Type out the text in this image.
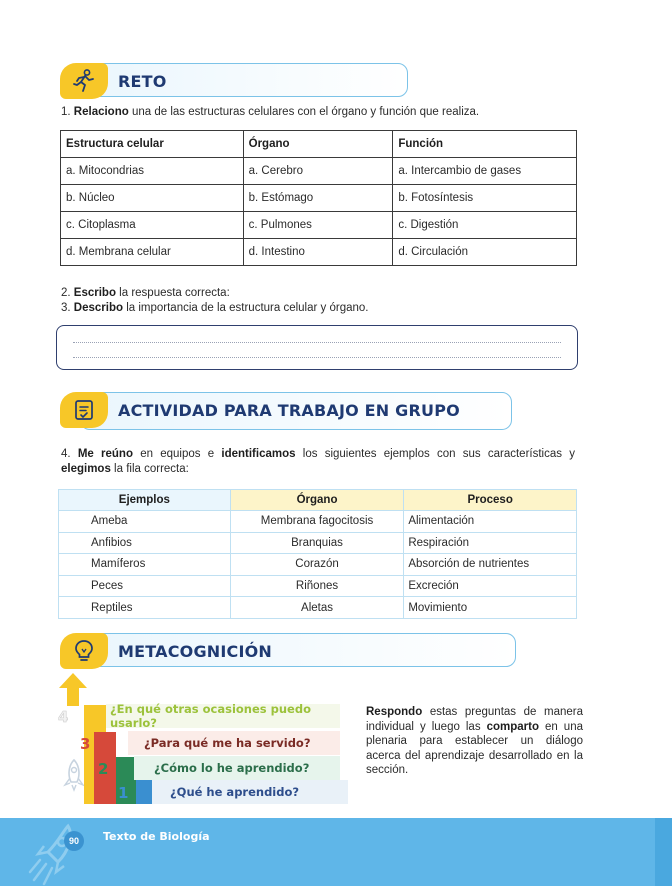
RETO
1. Relaciono una de las estructuras celulares con el órgano y función que realiza.
Estructura celular	Órgano	Función
a. Mitocondrias	a. Cerebro	a. Intercambio de gases
b. Núcleo	b. Estómago	b. Fotosíntesis
c. Citoplasma	c. Pulmones	c. Digestión
d. Membrana celular	d. Intestino	d. Circulación
2. Escribo la respuesta correcta:
3. Describo la importancia de la estructura celular y órgano.
ACTIVIDAD PARA TRABAJO EN GRUPO
4. Me reúno en equipos e identificamos los siguientes ejemplos con sus características y elegimos la fila correcta:
Ejemplos	Órgano	Proceso
Ameba	Membrana fagocitosis	Alimentación
Anfibios	Branquias	Respiración
Mamíferos	Corazón	Absorción de nutrientes
Peces	Riñones	Excreción
Reptiles	Aletas	Movimiento
METACOGNICIÓN
4
3
2
1
¿En qué otras ocasiones puedo usarlo?
¿Para qué me ha servido?
¿Cómo lo he aprendido?
¿Qué he aprendido?
Respondo estas preguntas de manera individual y luego las comparto en una plenaria para establecer un diálogo acerca del aprendizaje desarrollado en la sección.
90	Texto de Biología
